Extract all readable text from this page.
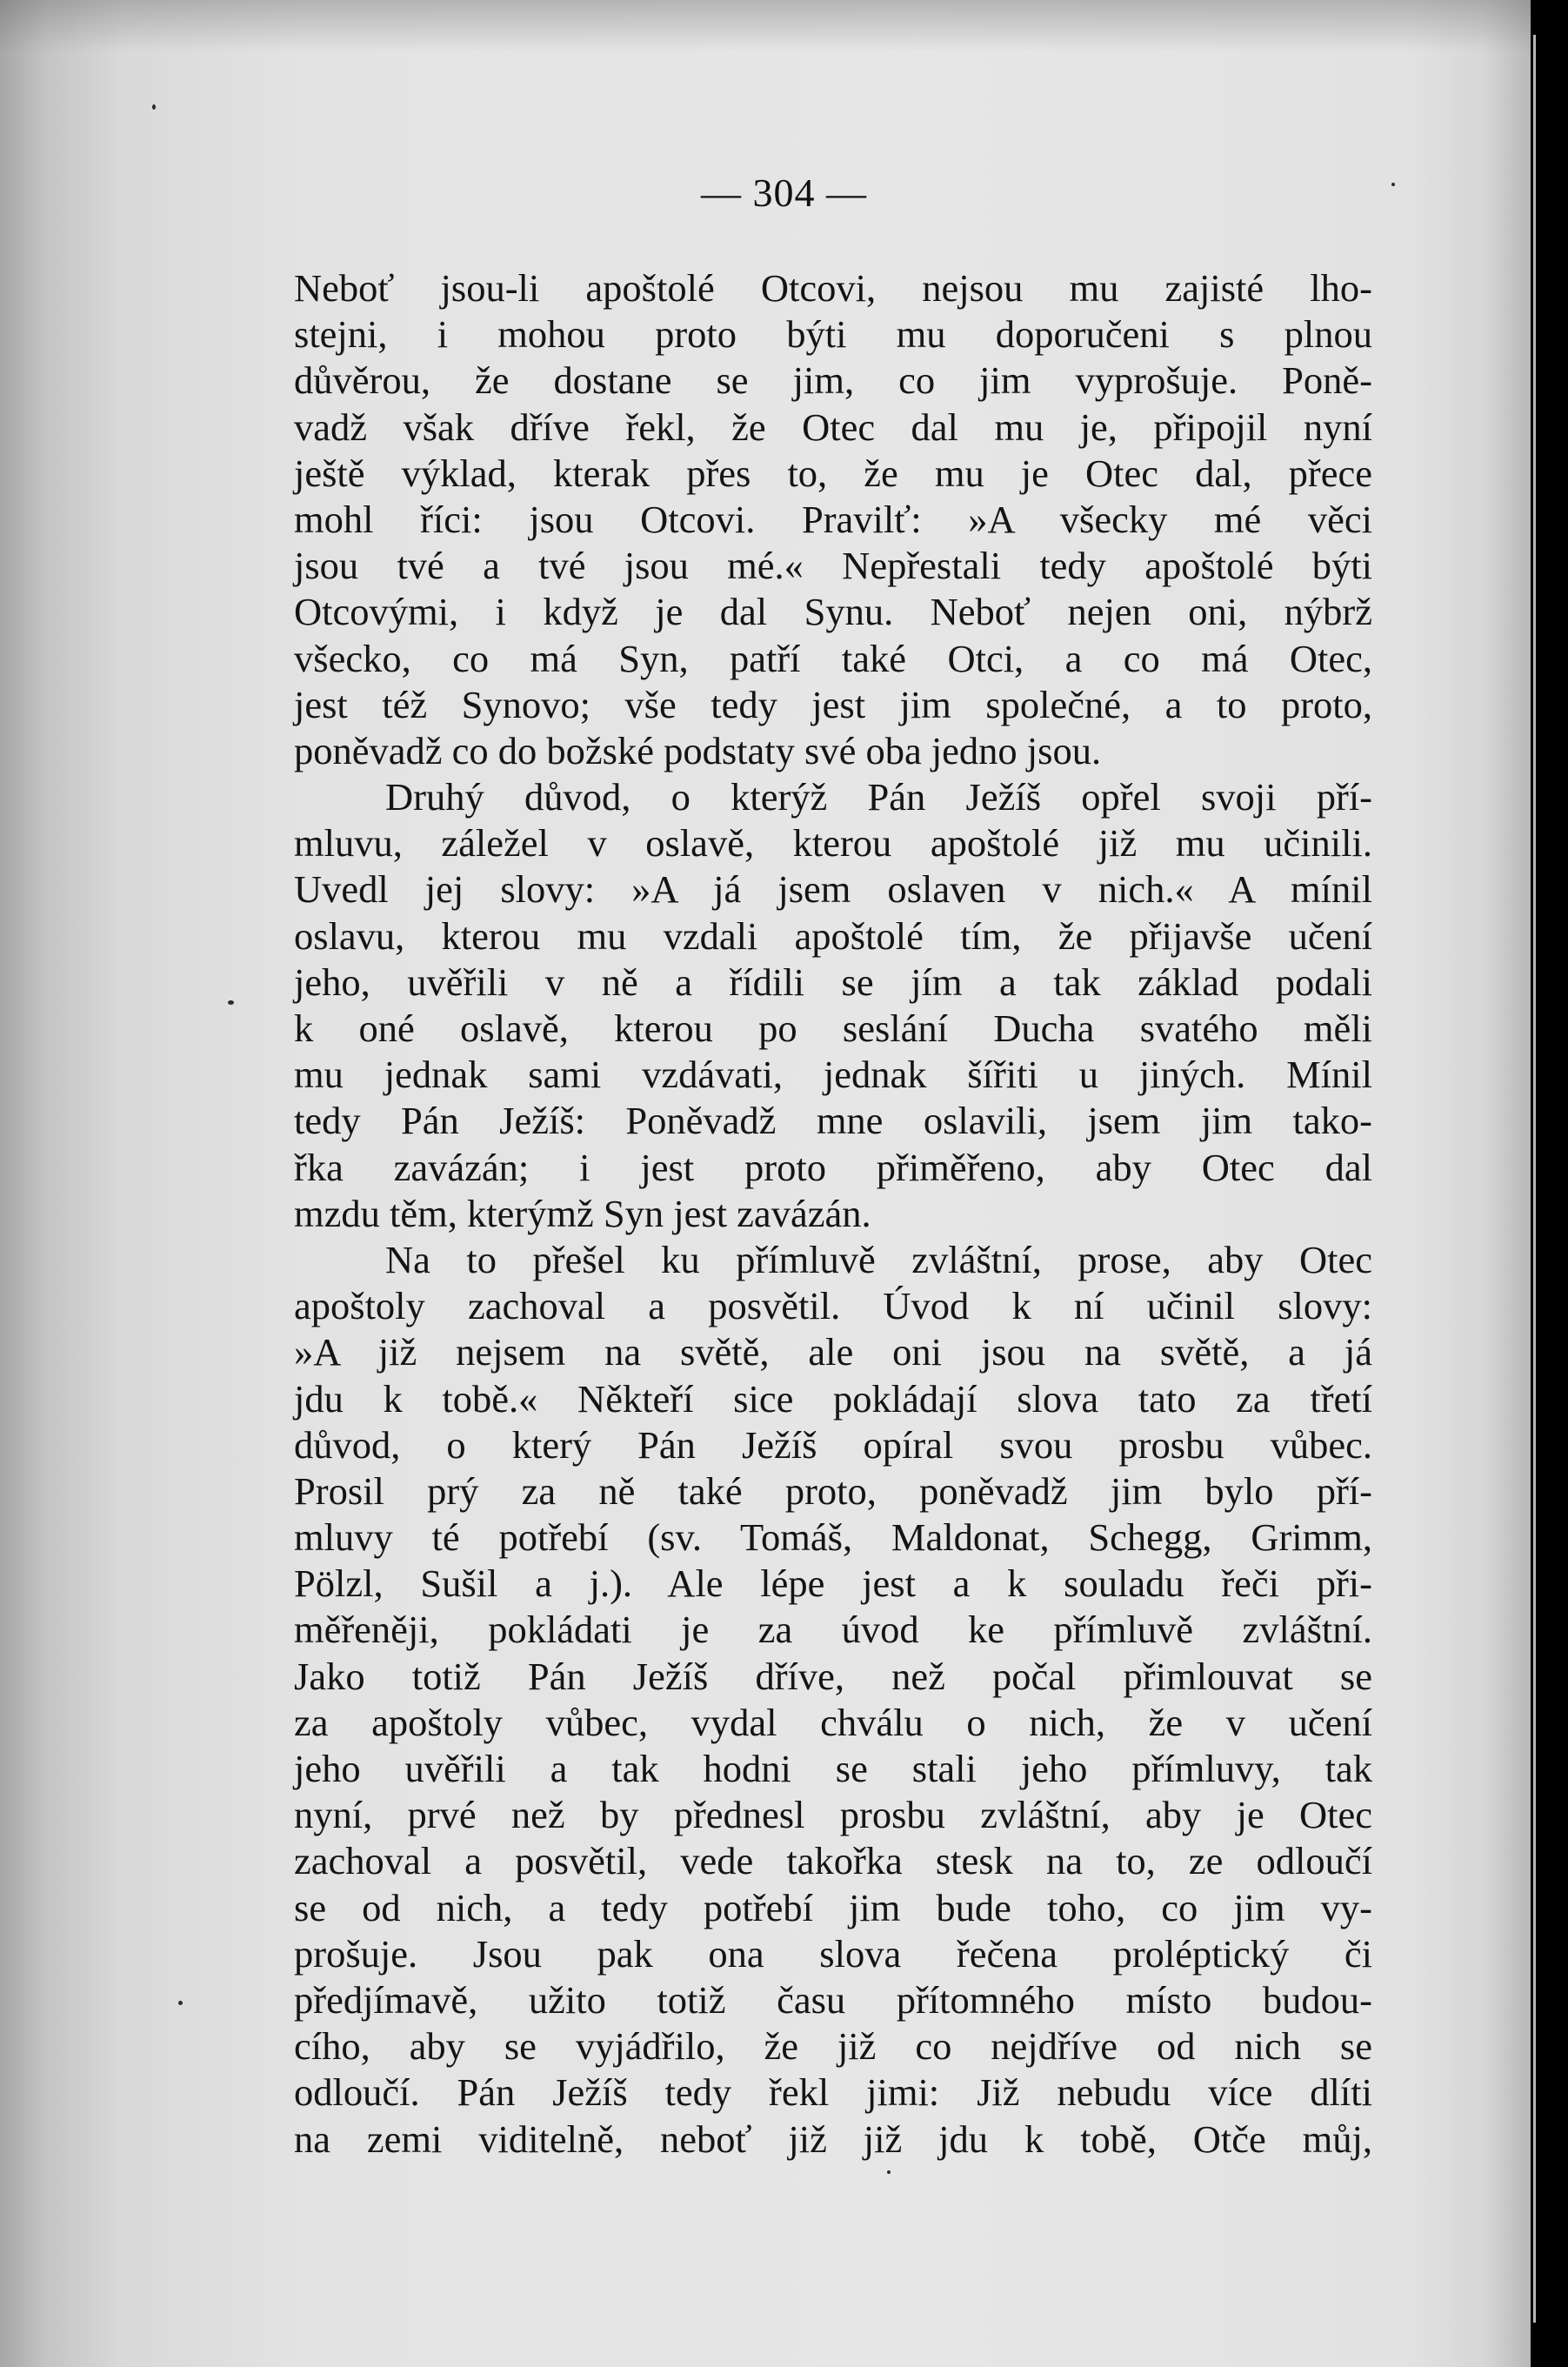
— 304 —
Neboť jsou-li apoštolé Otcovi, nejsou mu zajisté lho-
stejni, i mohou proto býti mu doporučeni s plnou
důvěrou, že dostane se jim, co jim vyprošuje. Poně-
vadž však dříve řekl, že Otec dal mu je, připojil nyní
ještě výklad, kterak přes to, že mu je Otec dal, přece
mohl říci: jsou Otcovi. Pravilť: »A všecky mé věci
jsou tvé a tvé jsou mé.« Nepřestali tedy apoštolé býti
Otcovými, i když je dal Synu. Neboť nejen oni, nýbrž
všecko, co má Syn, patří také Otci, a co má Otec,
jest též Synovo; vše tedy jest jim společné, a to proto,
poněvadž co do božské podstaty své oba jedno jsou.
Druhý důvod, o kterýž Pán Ježíš opřel svoji pří-
mluvu, záležel v oslavě, kterou apoštolé již mu učinili.
Uvedl jej slovy: »A já jsem oslaven v nich.« A mínil
oslavu, kterou mu vzdali apoštolé tím, že přijavše učení
jeho, uvěřili v ně a řídili se jím a tak základ podali
k oné oslavě, kterou po seslání Ducha svatého měli
mu jednak sami vzdávati, jednak šířiti u jiných. Mínil
tedy Pán Ježíš: Poněvadž mne oslavili, jsem jim tako-
řka zavázán; i jest proto přiměřeno, aby Otec dal
mzdu těm, kterýmž Syn jest zavázán.
Na to přešel ku přímluvě zvláštní, prose, aby Otec
apoštoly zachoval a posvětil. Úvod k ní učinil slovy:
»A již nejsem na světě, ale oni jsou na světě, a já
jdu k tobě.« Někteří sice pokládají slova tato za třetí
důvod, o který Pán Ježíš opíral svou prosbu vůbec.
Prosil prý za ně také proto, poněvadž jim bylo pří-
mluvy té potřebí (sv. Tomáš, Maldonat, Schegg, Grimm,
Pölzl, Sušil a j.). Ale lépe jest a k souladu řeči při-
měřeněji, pokládati je za úvod ke přímluvě zvláštní.
Jako totiž Pán Ježíš dříve, než počal přimlouvat se
za apoštoly vůbec, vydal chválu o nich, že v učení
jeho uvěřili a tak hodni se stali jeho přímluvy, tak
nyní, prvé než by přednesl prosbu zvláštní, aby je Otec
zachoval a posvětil, vede takořka stesk na to, ze odloučí
se od nich, a tedy potřebí jim bude toho, co jim vy-
prošuje. Jsou pak ona slova řečena proléptický či
předjímavě, užito totiž času přítomného místo budou-
cího, aby se vyjádřilo, že již co nejdříve od nich se
odloučí. Pán Ježíš tedy řekl jimi: Již nebudu více dlíti
na zemi viditelně, neboť již již jdu k tobě, Otče můj,
